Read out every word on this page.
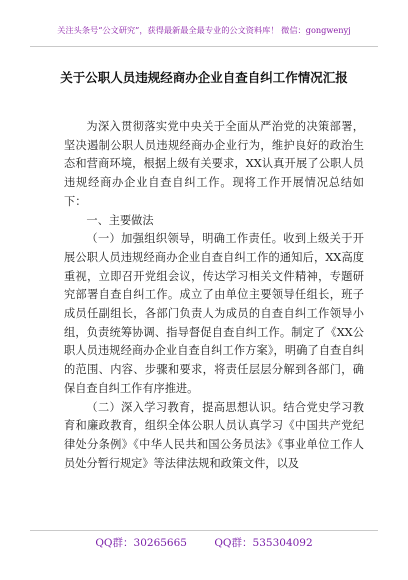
关注头条号“公文研究”，获得最新最全最专业的公文资料库！ 微信：gongwenyj
关于公职人员违规经商办企业自查自纠工作情况汇报

为深入贯彻落实党中央关于全面从严治党的决策部署，坚决遏制公职人员违规经商办企业行为，维护良好的政治生态和营商环境，根据上级有关要求，XX认真开展了公职人员违规经商办企业自查自纠工作。现将工作开展情况总结如下：

一、主要做法

（一）加强组织领导，明确工作责任。收到上级关于开展公职人员违规经商办企业自查自纠工作的通知后，XX高度重视，立即召开党组会议，传达学习相关文件精神，专题研究部署自查自纠工作。成立了由单位主要领导任组长，班子成员任副组长，各部门负责人为成员的自查自纠工作领导小组，负责统筹协调、指导督促自查自纠工作。制定了《XX公职人员违规经商办企业自查自纠工作方案》，明确了自查自纠的范围、内容、步骤和要求，将责任层层分解到各部门，确保自查自纠工作有序推进。

（二）深入学习教育，提高思想认识。结合党史学习教育和廉政教育，组织全体公职人员认真学习《中国共产党纪律处分条例》《中华人民共和国公务员法》《事业单位工作人员处分暂行规定》等法律法规和政策文件，以及

QQ群：30265665	QQ群：535304092
